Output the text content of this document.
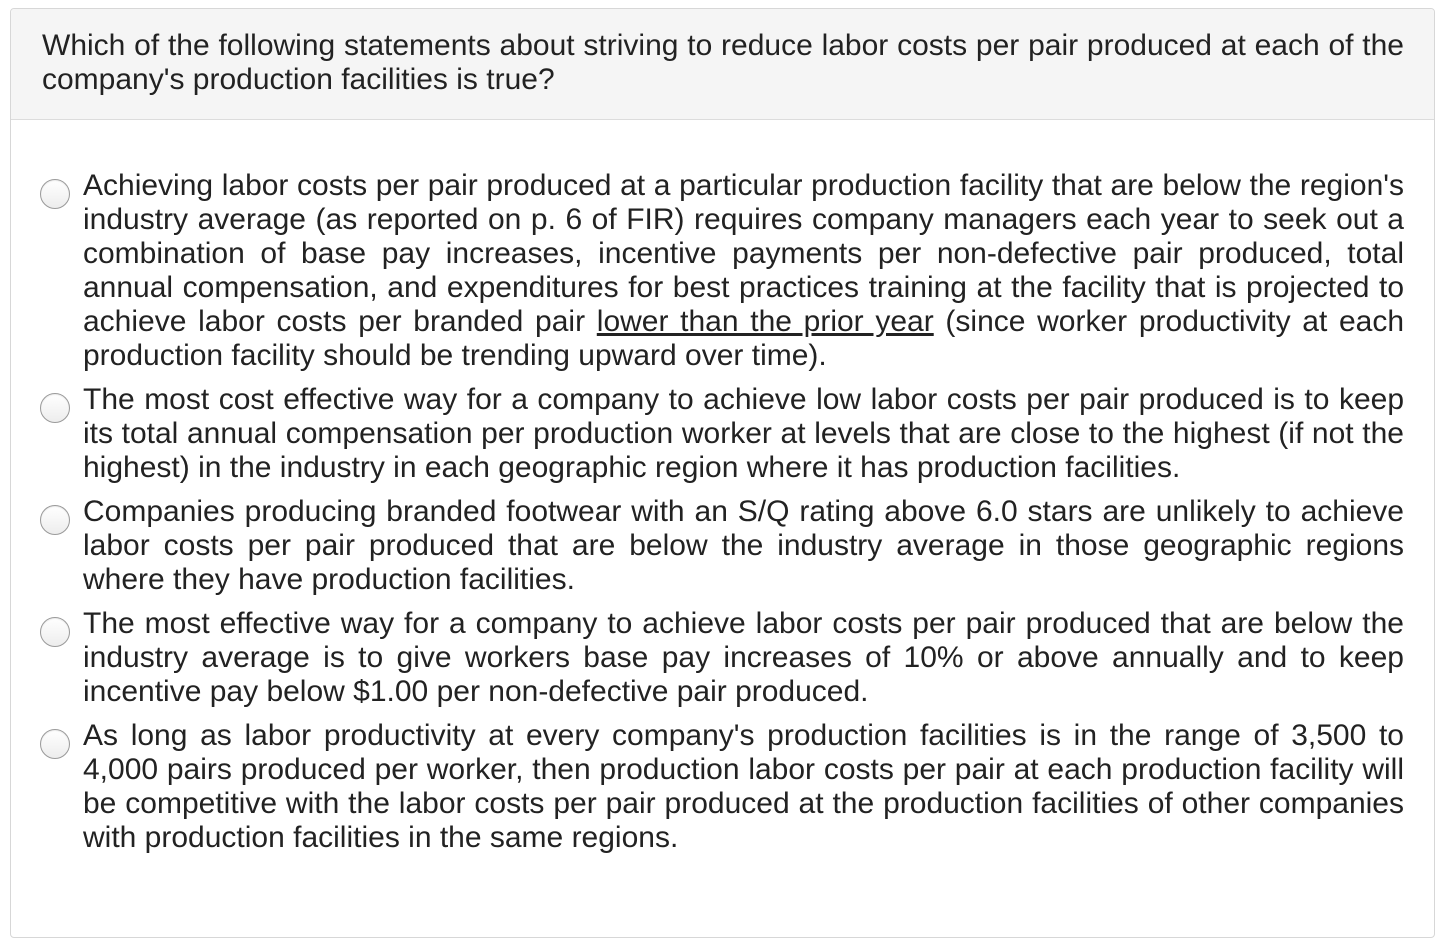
Which of the following statements about striving to reduce labor costs per pair produced at each of the company's production facilities is true?

Achieving labor costs per pair produced at a particular production facility that are below the region's industry average (as reported on p. 6 of FIR) requires company managers each year to seek out a combination of base pay increases, incentive payments per non-defective pair produced, total annual compensation, and expenditures for best practices training at the facility that is projected to achieve labor costs per branded pair lower than the prior year (since worker productivity at each production facility should be trending upward over time).

The most cost effective way for a company to achieve low labor costs per pair produced is to keep its total annual compensation per production worker at levels that are close to the highest (if not the highest) in the industry in each geographic region where it has production facilities.

Companies producing branded footwear with an S/Q rating above 6.0 stars are unlikely to achieve labor costs per pair produced that are below the industry average in those geographic regions where they have production facilities.

The most effective way for a company to achieve labor costs per pair produced that are below the industry average is to give workers base pay increases of 10% or above annually and to keep incentive pay below $1.00 per non-defective pair produced.

As long as labor productivity at every company's production facilities is in the range of 3,500 to 4,000 pairs produced per worker, then production labor costs per pair at each production facility will be competitive with the labor costs per pair produced at the production facilities of other companies with production facilities in the same regions.
